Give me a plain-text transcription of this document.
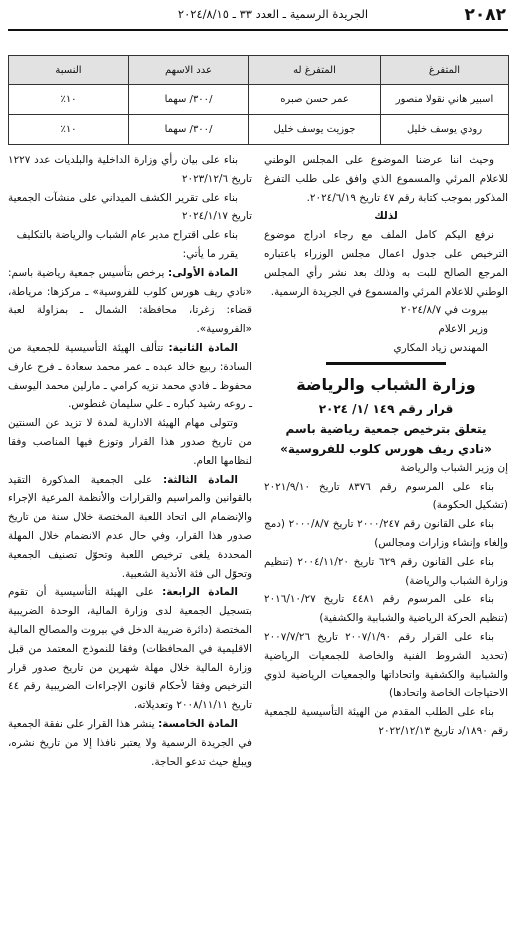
٢٠٨٢
الجريدة الرسمية ـ العدد ٣٣ ـ ٢٠٢٤/٨/١٥
المتفرغ	المتفرغ له	عدد الاسهم	النسبة
اسبير هاني نقولا منصور	عمر حسن صبره	/٣٠٠/ سهما	١٠٪
رودي يوسف خليل	جوزيت يوسف خليل	/٣٠٠/ سهما	١٠٪

وحيث اننا عرضنا الموضوع على المجلس الوطني للاعلام المرئي والمسموع الذي وافق على طلب التفرغ المذكور بموجب كتابة رقم ٤٧ تاريخ ٢٠٢٤/٦/١٩.

لذلك

نرفع اليكم كامل الملف مع رجاء ادراج موضوع الترخيص على جدول اعمال مجلس الوزراء باعتباره المرجع الصالح للبت به وذلك بعد نشر رأي المجلس الوطني للاعلام المرئي والمسموع في الجريدة الرسمية.

بيروت في ٢٠٢٤/٨/٧

وزير الاعلام

المهندس زياد المكاري

وزارة الشباب والرياضة

قرار رقم ١٤٩ /١/ ٢٠٢٤

يتعلق بترخيص جمعية رياضية باسم

«نادي ريف هورس كلوب للفروسية»

إن وزير الشباب والرياضة

بناء على المرسوم رقم ٨٣٧٦ تاريخ ٢٠٢١/٩/١٠ (تشكيل الحكومة)

بناء على القانون رقم ٢٠٠٠/٢٤٧ تاريخ ٢٠٠٠/٨/٧ (دمج وإلغاء وإنشاء وزارات ومجالس)

بناء على القانون رقم ٦٢٩ تاريخ ٢٠٠٤/١١/٢٠ (تنظيم وزارة الشباب والرياضة)

بناء على المرسوم رقم ٤٤٨١ تاريخ ٢٠١٦/١٠/٢٧ (تنظيم الحركة الرياضية والشبابية والكشفية)

بناء على القرار رقم ٢٠٠٧/١/٩٠ تاريخ ٢٠٠٧/٧/٢٦ (تحديد الشروط الفنية والخاصة للجمعيات الرياضية والشبابية والكشفية واتحاداتها والجمعيات الرياضية لذوي الاحتياجات الخاصة واتحادها)

بناء على الطلب المقدم من الهيئة التأسيسية للجمعية رقم ١٨٩٠/د تاريخ ٢٠٢٢/١٢/١٣

بناء على بيان رأي وزارة الداخلية والبلديات عدد ١٢٢٧ تاريخ ٢٠٢٣/١٢/٦

بناء على تقرير الكشف الميداني على منشآت الجمعية تاريخ ٢٠٢٤/١/١٧

بناء على اقتراح مدير عام الشباب والرياضة بالتكليف

يقرر ما يأتي:

المادة الأولى: يرخص بتأسيس جمعية رياضية باسم: «نادي ريف هورس كلوب للفروسية» ـ مركزها: مرياطة، قضاء: زغرتا، محافظة: الشمال ـ بمزاولة لعبة «الفروسية».

المادة الثانية: تتألف الهيئة التأسيسية للجمعية من السادة: ربيع خالد عبده ـ عمر محمد سعادة ـ فرح عارف محفوظ ـ فادي محمد نزيه كرامي ـ مارلين محمد اليوسف ـ روعه رشيد كباره ـ علي سليمان غنطوس.

وتتولى مهام الهيئة الادارية لمدة لا تزيد عن السنتين من تاريخ صدور هذا القرار وتوزع فيها المناصب وفقا لنظامها العام.

المادة الثالثة: على الجمعية المذكورة التقيد بالقوانين والمراسيم والقرارات والأنظمة المرعية الإجراء والإنضمام الى اتحاد اللعبة المختصة خلال سنة من تاريخ صدور هذا القرار، وفي حال عدم الانضمام خلال المهلة المحددة يلغى ترخيص اللعبة وتحوّل تصنيف الجمعية وتحوّل الى فئة الأندية الشعبية.

المادة الرابعة: على الهيئة التأسيسية أن تقوم بتسجيل الجمعية لدى وزارة المالية، الوحدة الضريبية المختصة (دائرة ضريبة الدخل في بيروت والمصالح المالية الاقليمية في المحافظات) وفقا للنموذج المعتمد من قبل وزارة المالية خلال مهلة شهرين من تاريخ صدور قرار الترخيص وفقا لأحكام قانون الإجراءات الضريبية رقم ٤٤ تاريخ ٢٠٠٨/١١/١١ وتعديلاته.

المادة الخامسة: ينشر هذا القرار على نفقة الجمعية في الجريدة الرسمية ولا يعتبر نافذا إلا من تاريخ نشره، ويبلغ حيث تدعو الحاجة.
